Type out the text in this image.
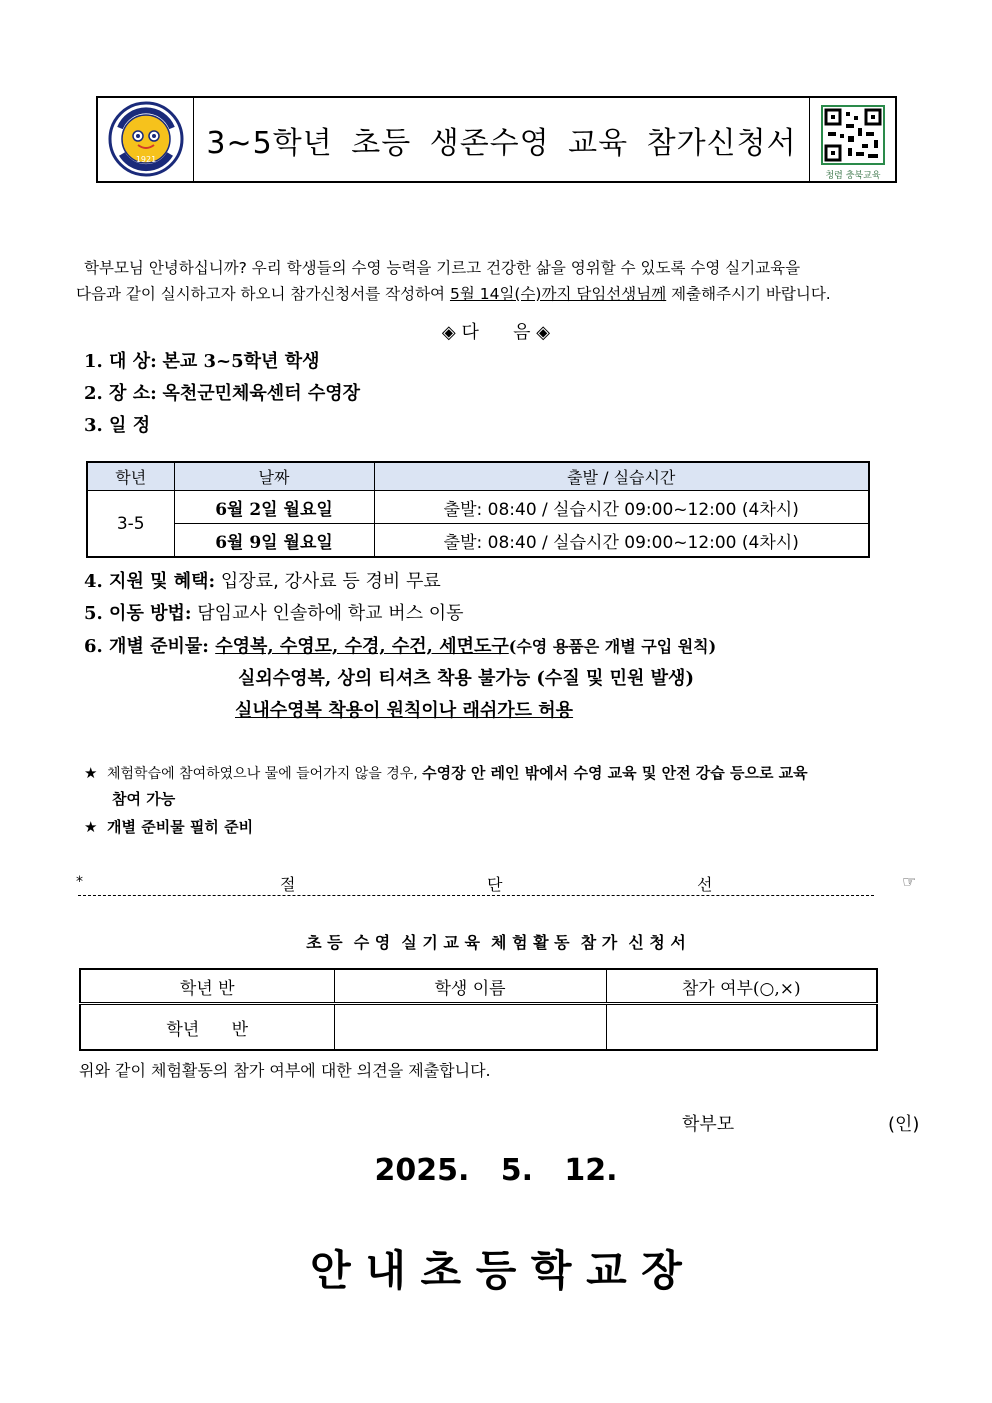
1921	3~5학년 초등 생존수영 교육 참가신청서
청렴 충북교육
학부모님 안녕하십니까? 우리 학생들의 수영 능력을 기르고 건강한 삶을 영위할 수 있도록 수영 실기교육을
다음과 같이 실시하고자 하오니 참가신청서를 작성하여 5월 14일(수)까지 담임선생님께 제출해주시기 바랍니다.
◈ 다      음 ◈
1. 대 상: 본교 3~5학년 학생
2. 장 소: 옥천군민체육센터 수영장
3. 일 정
학년	날짜	출발 / 실습시간
3-5	6월 2일 월요일	출발: 08:40 / 실습시간 09:00~12:00 (4차시)
	6월 9일 월요일	출발: 08:40 / 실습시간 09:00~12:00 (4차시)
4. 지원 및 혜택: 입장료, 강사료 등 경비 무료
5. 이동 방법: 담임교사 인솔하에 학교 버스 이동
6. 개별 준비물: 수영복, 수영모, 수경, 수건, 세면도구(수영 용품은 개별 구입 원칙)
실외수영복, 상의 티셔츠 착용 불가능 (수질 및 민원 발생)
실내수영복 착용이 원칙이나 래쉬가드 허용
★ 체험학습에 참여하였으나 물에 들어가지 않을 경우, 수영장 안 레인 밖에서 수영 교육 및 안전 강습 등으로 교육
참여 가능
★ 개별 준비물 필히 준비
*	절	단	선	☞
초 등  수 영  실 기 교 육  체 험 활 동  참 가  신 청 서
학년 반	학생 이름	참가 여부(○,×)
학년      반		
위와 같이 체험활동의 참가 여부에 대한 의견을 제출합니다.
학부모	(인)
2025.   5.   12.
안 내 초 등 학 교 장
